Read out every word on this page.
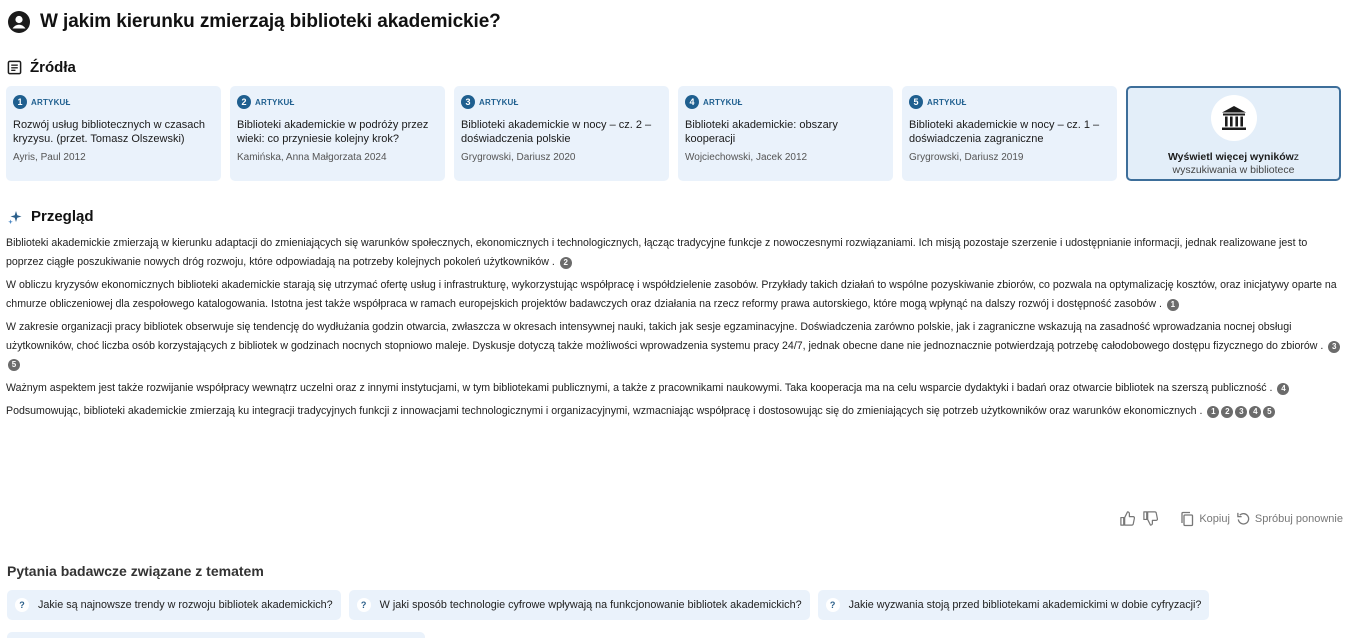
W jakim kierunku zmierzają biblioteki akademickie?
Źródła
1	ARTYKUŁ
Rozwój usług bibliotecznych w czasach kryzysu. (przet. Tomasz Olszewski)
Ayris, Paul 2012
2	ARTYKUŁ
Biblioteki akademickie w podróży przez wieki: co przyniesie kolejny krok?
Kamińska, Anna Małgorzata 2024
3	ARTYKUŁ
Biblioteki akademickie w nocy – cz. 2 – doświadczenia polskie
Grygrowski, Dariusz 2020
4	ARTYKUŁ
Biblioteki akademickie: obszary kooperacji
Wojciechowski, Jacek 2012
5	ARTYKUŁ
Biblioteki akademickie w nocy – cz. 1 – doświadczenia zagraniczne
Grygrowski, Dariusz 2019	Wyświetl więcej wynikówz
wyszukiwania w bibliotece
Przegląd

Biblioteki akademickie zmierzają w kierunku adaptacji do zmieniających się warunków społecznych, ekonomicznych i technologicznych, łącząc tradycyjne funkcje z nowoczesnymi rozwiązaniami. Ich misją pozostaje szerzenie i udostępnianie informacji, jednak realizowane jest to poprzez ciągłe poszukiwanie nowych dróg rozwoju, które odpowiadają na potrzeby kolejnych pokoleń użytkowników . 2

W obliczu kryzysów ekonomicznych biblioteki akademickie starają się utrzymać ofertę usług i infrastrukturę, wykorzystując współpracę i współdzielenie zasobów. Przykłady takich działań to wspólne pozyskiwanie zbiorów, co pozwala na optymalizację kosztów, oraz inicjatywy oparte na chmurze obliczeniowej dla zespołowego katalogowania. Istotna jest także współpraca w ramach europejskich projektów badawczych oraz działania na rzecz reformy prawa autorskiego, które mogą wpłynąć na dalszy rozwój i dostępność zasobów . 1

W zakresie organizacji pracy bibliotek obserwuje się tendencję do wydłużania godzin otwarcia, zwłaszcza w okresach intensywnej nauki, takich jak sesje egzaminacyjne. Doświadczenia zarówno polskie, jak i zagraniczne wskazują na zasadność wprowadzania nocnej obsługi użytkowników, choć liczba osób korzystających z bibliotek w godzinach nocnych stopniowo maleje. Dyskusje dotyczą także możliwości wprowadzenia systemu pracy 24/7, jednak obecne dane nie jednoznacznie potwierdzają potrzebę całodobowego dostępu fizycznego do zbiorów . 35

Ważnym aspektem jest także rozwijanie współpracy wewnątrz uczelni oraz z innymi instytucjami, w tym bibliotekami publicznymi, a także z pracownikami naukowymi. Taka kooperacja ma na celu wsparcie dydaktyki i badań oraz otwarcie bibliotek na szerszą publiczność . 4

Podsumowując, biblioteki akademickie zmierzają ku integracji tradycyjnych funkcji z innowacjami technologicznymi i organizacyjnymi, wzmacniając współpracę i dostosowując się do zmieniających się potrzeb użytkowników oraz warunków ekonomicznych . 1 2 3 4 5

Kopiuj Spróbuj ponownie
Pytania badawcze związane z tematem
?	Jakie są najnowsze trendy w rozwoju bibliotek akademickich?	?	W jaki sposób technologie cyfrowe wpływają na funkcjonowanie bibliotek akademickich?	?	Jakie wyzwania stoją przed bibliotekami akademickimi w dobie cyfryzacji?
